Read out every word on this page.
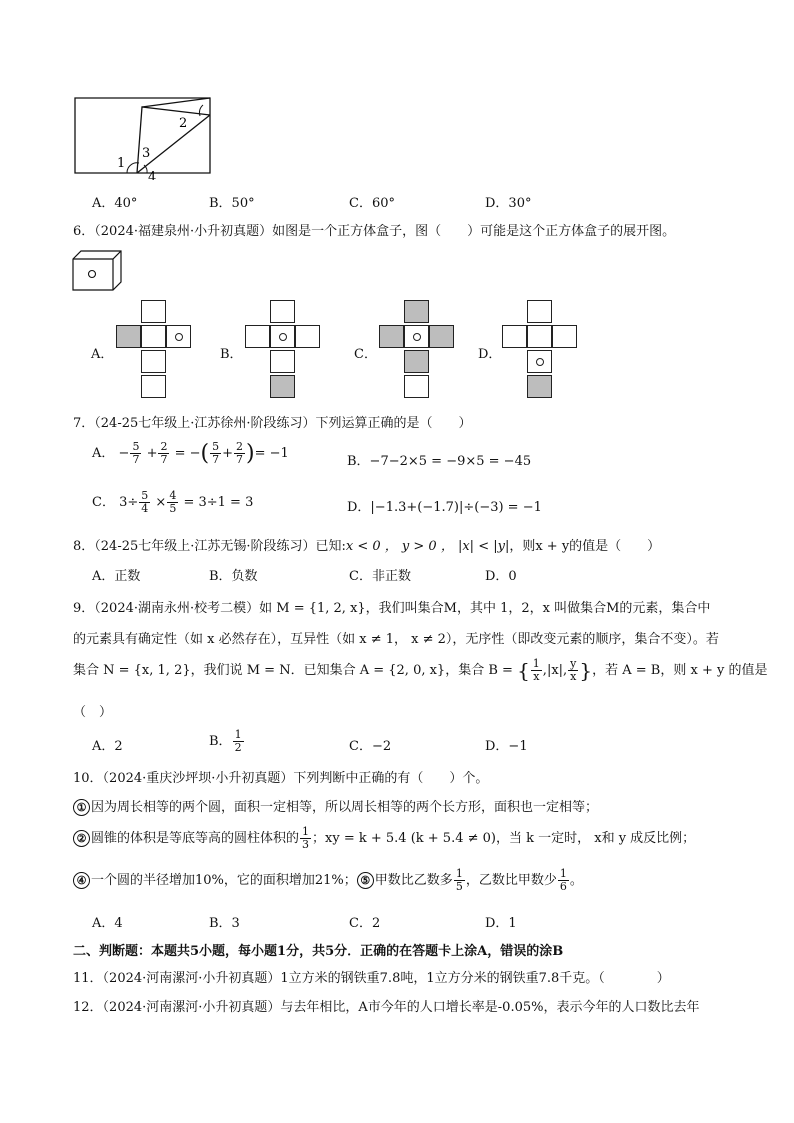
1
2
3
4
A．40°	B．50°	C．60°	D．30°
6．（2024·福建泉州·小升初真题）如图是一个正方体盒子，图（　　）可能是这个正方体盒子的展开图。
A．	B．	C．	D．
7．（24-25七年级上·江苏徐州·阶段练习）下列运算正确的是（　　）
A． − $\frac{5}{7} + \frac{2}{7}$ = −( $\frac{5}{7} + \frac{2}{7}$ )= −1
B．−7−2×5 = −9×5 = −45
C． $3\div \frac{5}{4} \times \frac{4}{5} = 3\div 1 = 3$	D．|−1.3+(−1.7)|÷(−3) = −1
8．（24-25七年级上·江苏无锡·阶段练习）已知:x < 0 ， y > 0 ， |x| < |y|，则x + y的值是（　　）
A．正数	B．负数	C．非正数	D．0
9．（2024·湖南永州·校考二模）如 M = {1, 2, x}，我们叫集合M，其中 1，2，x 叫做集合M的元素，集合中
的元素具有确定性（如 x 必然存在），互异性（如 x ≠ 1， x ≠ 2），无序性（即改变元素的顺序，集合不变）。若
集合 N = {x, 1, 2}，我们说 M = N．已知集合 A = {2, 0, x}，集合 B = { $\frac{1}{x} ,|x|$, $\frac{y}{x}$ }，若 A = B，则 x + y 的值是
（　）
A．2	B． $\frac{1}{2}$	C．−2	D．−1
10．（2024·重庆沙坪坝·小升初真题）下列判断中正确的有（　　）个。
① 因为周长相等的两个圆，面积一定相等，所以周长相等的两个长方形，面积也一定相等；
② 圆锥的体积是等底等高的圆柱体积的 $\frac{1}{3}$ ；xy = k + 5.4 (k + 5.4 ≠ 0)，当 k 一定时， x和 y 成反比例；
④ 一个圆的半径增加10%，它的面积增加21%； ⑤ 甲数比乙数多 $\frac{1}{5}$ ，乙数比甲数少 $\frac{1}{6}$ 。
A．4	B．3	C．2	D．1
二、判断题：本题共5小题，每小题1分，共5分．正确的在答题卡上涂A，错误的涂B
11．（2024·河南漯河·小升初真题）1立方米的钢铁重7.8吨，1立方分米的钢铁重7.8千克。（　　　　）
12．（2024·河南漯河·小升初真题）与去年相比，A市今年的人口增长率是-0.05%，表示今年的人口数比去年
